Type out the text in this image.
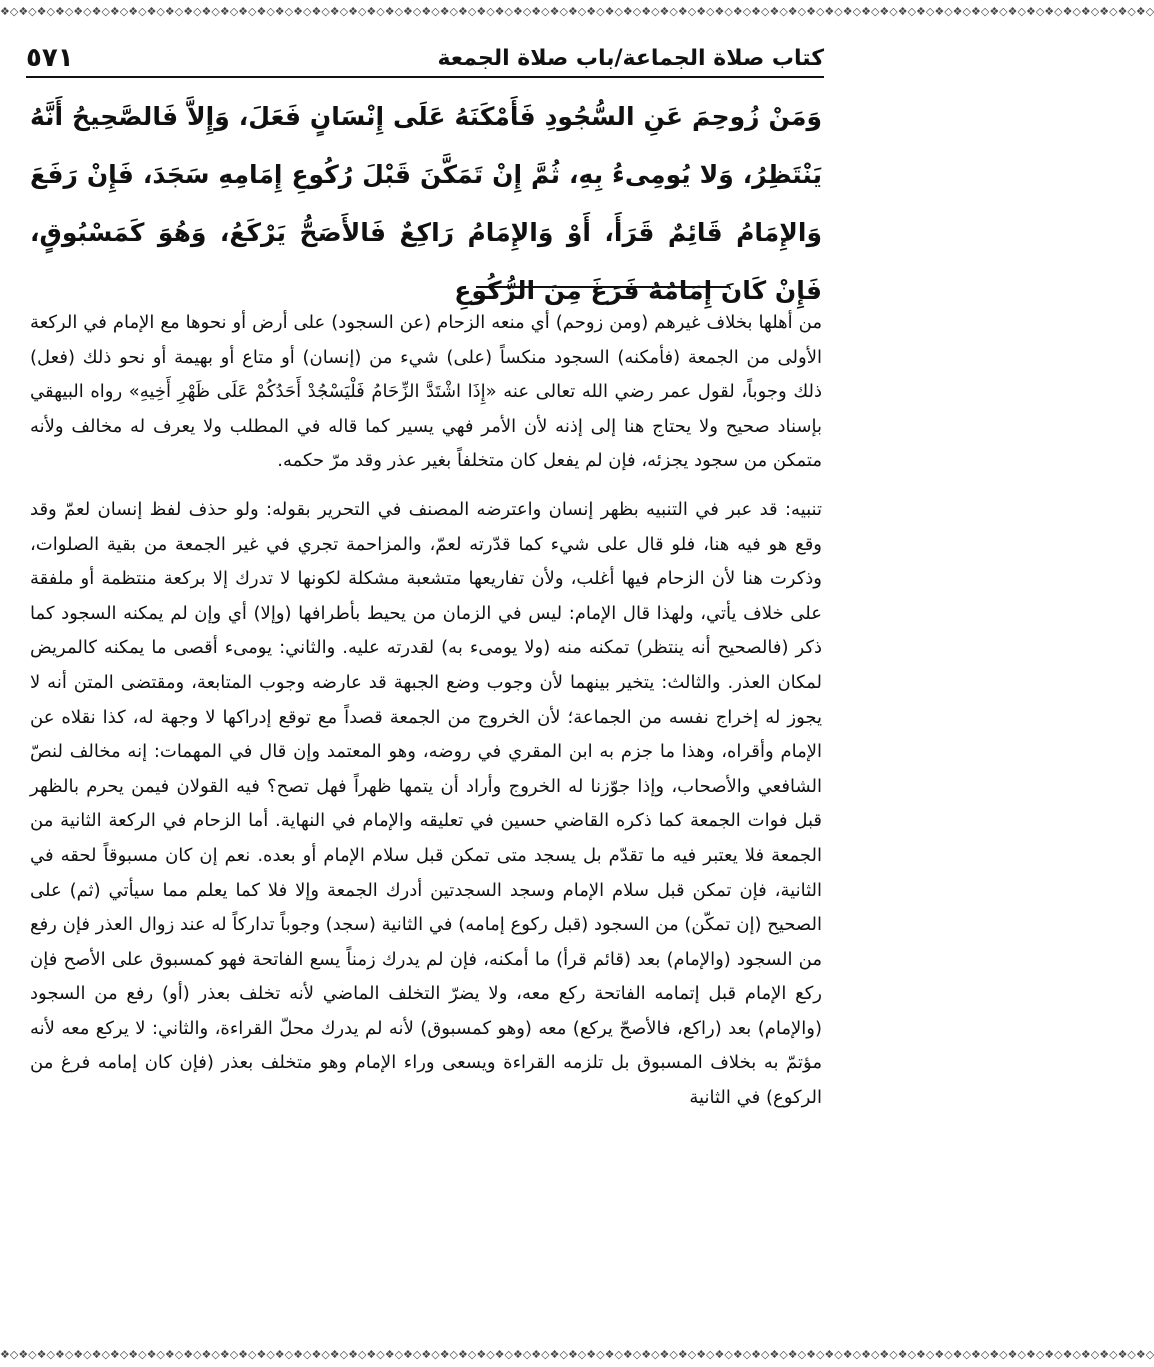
❖◇❖◇❖◇❖◇❖◇❖◇❖◇❖◇❖◇❖◇❖◇❖◇❖◇❖◇❖◇❖◇❖◇❖◇❖◇❖◇❖◇❖◇❖◇❖◇❖◇❖◇❖◇❖◇❖◇❖◇❖◇❖◇❖◇❖◇❖◇❖◇❖◇❖◇❖◇❖◇❖◇❖◇❖◇❖◇❖◇❖◇❖◇❖◇❖◇❖◇❖◇❖◇❖◇❖◇❖◇❖◇❖◇❖◇❖◇❖◇❖◇❖◇❖◇
كتاب صلاة الجماعة/باب صلاة الجمعة
٥٧١
وَمَنْ زُوحِمَ عَنِ السُّجُودِ فَأَمْكَنَهُ عَلَى إِنْسَانٍ فَعَلَ، وَإِلاَّ فَالصَّحِيحُ أَنَّهُ يَنْتَظِرُ، وَلا يُومِىءُ بِهِ، ثُمَّ إِنْ تَمَكَّنَ قَبْلَ رُكُوعِ إِمَامِهِ سَجَدَ، فَإِنْ رَفَعَ وَالإِمَامُ قَائِمٌ قَرَأَ، أَوْ وَالإِمَامُ رَاكِعٌ فَالأَصَحُّ يَرْكَعُ، وَهُوَ كَمَسْبُوقٍ، فَإِنْ كَانَ إِمَامُهُ فَرَغَ مِنَ الرُّكُوعِ

من أهلها بخلاف غيرهم (ومن زوحم) أي منعه الزحام (عن السجود) على أرض أو نحوها مع الإمام في الركعة الأولى من الجمعة (فأمكنه) السجود منكساً (على) شيء من (إنسان) أو متاع أو بهيمة أو نحو ذلك (فعل) ذلك وجوباً، لقول عمر رضي الله تعالى عنه «إِذَا اشْتَدَّ الزِّحَامُ فَلْيَسْجُدْ أَحَدُكُمْ عَلَى ظَهْرِ أَخِيهِ» رواه البيهقي بإسناد صحيح ولا يحتاج هنا إلى إذنه لأن الأمر فهي يسير كما قاله في المطلب ولا يعرف له مخالف ولأنه متمكن من سجود يجزئه، فإن لم يفعل كان متخلفاً بغير عذر وقد مرّ حكمه.

تنبيه: قد عبر في التنبيه بظهر إنسان واعترضه المصنف في التحرير بقوله: ولو حذف لفظ إنسان لعمّ وقد وقع هو فيه هنا، فلو قال على شيء كما قدّرته لعمّ، والمزاحمة تجري في غير الجمعة من بقية الصلوات، وذكرت هنا لأن الزحام فيها أغلب، ولأن تفاريعها متشعبة مشكلة لكونها لا تدرك إلا بركعة منتظمة أو ملفقة على خلاف يأتي، ولهذا قال الإمام: ليس في الزمان من يحيط بأطرافها (وإلا) أي وإن لم يمكنه السجود كما ذكر (فالصحيح أنه ينتظر) تمكنه منه (ولا يومىء به) لقدرته عليه. والثاني: يومىء أقصى ما يمكنه كالمريض لمكان العذر. والثالث: يتخير بينهما لأن وجوب وضع الجبهة قد عارضه وجوب المتابعة، ومقتضى المتن أنه لا يجوز له إخراج نفسه من الجماعة؛ لأن الخروج من الجمعة قصداً مع توقع إدراكها لا وجهة له، كذا نقلاه عن الإمام وأقراه، وهذا ما جزم به ابن المقري في روضه، وهو المعتمد وإن قال في المهمات: إنه مخالف لنصّ الشافعي والأصحاب، وإذا جوّزنا له الخروج وأراد أن يتمها ظهراً فهل تصح؟ فيه القولان فيمن يحرم بالظهر قبل فوات الجمعة كما ذكره القاضي حسين في تعليقه والإمام في النهاية. أما الزحام في الركعة الثانية من الجمعة فلا يعتبر فيه ما تقدّم بل يسجد متى تمكن قبل سلام الإمام أو بعده. نعم إن كان مسبوقاً لحقه في الثانية، فإن تمكن قبل سلام الإمام وسجد السجدتين أدرك الجمعة وإلا فلا كما يعلم مما سيأتي (ثم) على الصحيح (إن تمكّن) من السجود (قبل ركوع إمامه) في الثانية (سجد) وجوباً تداركاً له عند زوال العذر فإن رفع من السجود (والإمام) بعد (قائم قرأ) ما أمكنه، فإن لم يدرك زمناً يسع الفاتحة فهو كمسبوق على الأصح فإن ركع الإمام قبل إتمامه الفاتحة ركع معه، ولا يضرّ التخلف الماضي لأنه تخلف بعذر (أو) رفع من السجود (والإمام) بعد (راكع، فالأصحّ يركع) معه (وهو كمسبوق) لأنه لم يدرك محلّ القراءة، والثاني: لا يركع معه لأنه مؤتمّ به بخلاف المسبوق بل تلزمه القراءة ويسعى وراء الإمام وهو متخلف بعذر (فإن كان إمامه فرغ من الركوع) في الثانية

❖◇❖◇❖◇❖◇❖◇❖◇❖◇❖◇❖◇❖◇❖◇❖◇❖◇❖◇❖◇❖◇❖◇❖◇❖◇❖◇❖◇❖◇❖◇❖◇❖◇❖◇❖◇❖◇❖◇❖◇❖◇❖◇❖◇❖◇❖◇❖◇❖◇❖◇❖◇❖◇❖◇❖◇❖◇❖◇❖◇❖◇❖◇❖◇❖◇❖◇❖◇❖◇❖◇❖◇❖◇❖◇❖◇❖◇❖◇❖◇❖◇❖◇❖◇
